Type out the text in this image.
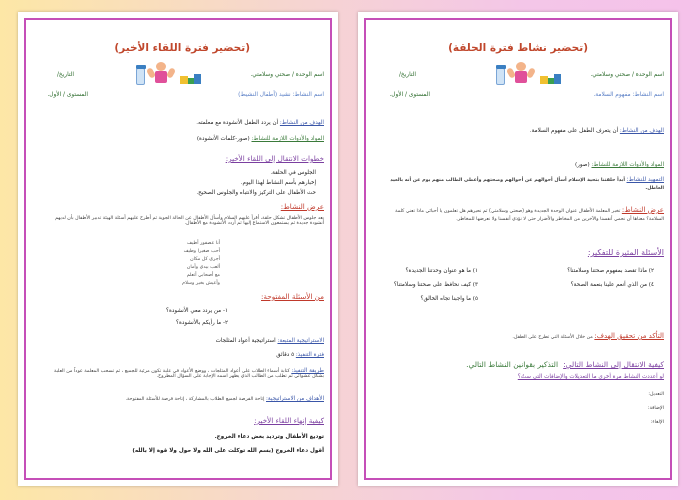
(تحضير فترة اللقاء الأخير)
اسم الوحدة / صحتي وسلامتي.
التاريخ/
اسم النشاط: نشيد (أطفال النشيط)
المستوى / الأول.
الهدف من النشاط: أن يردد الطفل الأنشودة مع معلمته.
المواد والأدوات اللازمة للنشاط: (صور-كلمات الأنشودة)
خطوات الانتقال إلى اللقاء الأخير:
الجلوس في الحلقة.
إخبارهم بأسم النشاط لهذا اليوم.
حث الأطفال على التركيز والانتباه والجلوس الصحيح.
عرض النشاط:
بعد جلوس الأطفال تشكل حلقة، أقرأ عليهم السلام وأسأل الأطفال عن الحالة الجوية ثم أطرح عليهم أسئلة الهيئة تدبير الأطفال بأن لديهم أنشودة جديدة ثم يستمعون الاستماع إليها ثم أردد الأنشودة مع الأطفال.
أنا عصفور أطيف
أحب صغيرا وطيف
أجري كل مكان
ألعب بيدي وأمان
مع أصحابي أتعلم
وأعيش بخير وسلام
من الأسئلة المفتوحة:
١- من يردد معي الأنشودة؟
٢- ما رأيكم بالأنشودة؟
الاستراتيجية المتبعة: استراتيجية أعواد المثلجات
فترة التنفيذ: ٥ دقائق
طريقة التنفيذ: كتابة أسماء الطلاب على أعواد المثلجات ، ووضع الأعواد في علبة تكون مرئية للجميع ، ثم تسحب المعلمة عوداً من العلبة بشكل عشوائي ثم تطلب من الطالب الذي يظهر اسمه الإجابة على السؤال المطروح.
الأهداف من الاستراتيجية: إتاحة الفرصة لجميع الطلاب بالمشاركة ، إتاحة فرصة للأسئلة المفتوحة.
كيفية إنهاء اللقاء الأخير:
توديع الأطفال وترديد بعض دعاء الخروج.
أقول دعاء الخروج (بسم الله توكلت على الله ولا حول ولا قوة إلا بالله)
(تحضير نشاط فترة الحلقة)
اسم الوحدة / صحتي وسلامتي.
التاريخ/
اسم النشاط: مفهوم السلامة.
المستوى / الأول.
الهدف من النشاط: أن يتعرف الطفل على مفهوم السلامة.
المواد والأدوات اللازمة للنشاط: (صور)
التمهيد للنشاط: أبدأ حلقتنا بتحية الإسلام أسأل أحوالهم عن أحوالهم وصحتهم وأعطي الطالب منهم يوم عن أنه بالعيد العاطل.
عرض النشاط: تخبر المعلمة الأطفال عنوان الوحدة الجديدة وهو (صحتي وسلامتي) ثم نحيرهم هل تعلمون يا أحبائي ماذا تعني كلمة السلامة؟ معناها أن نحمي أنفسنا والآخرين من المخاطر والأضرار حتى لا نؤذي أنفسنا ولا نعرضها للمخاطر.
الأسئلة المثيرة للتفكير:
١) ما هو عنوان وحدتنا الجديدة؟	٢) ماذا تقصد بمفهوم صحتنا وسلامتنا؟
٣) كيف نحافظ على صحتنا وسلامتنا؟	٤) من الذي أنعم علينا بنعمة الصحة؟
٥) ما واجبنا تجاه الخالق؟
التأكد من تحقيق الهدف: من خلال الأسئلة التي تطرح على الطفل.
كيفية الانتقال إلى النشاط التالي: التذكير بقوانين النشاط التالي.
لو أعددت النشاط مرة أخرى ما التعديلات والإضافات التي ستُ؟
التعديل:
الإضافة:
الإلغاء:
